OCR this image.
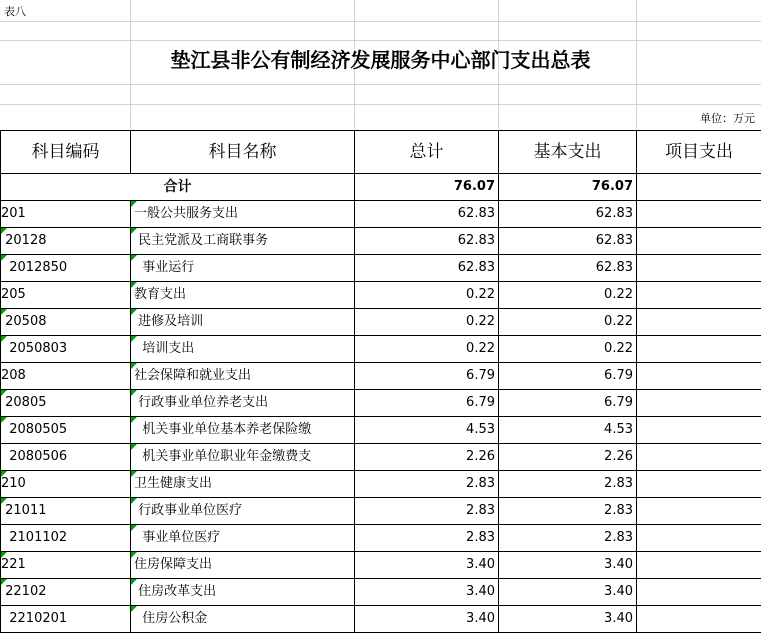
表八
垫江县非公有制经济发展服务中心部门支出总表
单位：万元
科目编码	科目名称	总计	基本支出	项目支出
合计		76.07	76.07	
201	一般公共服务支出	62.83	62.83	

20128	民主党派及工商联事务	62.83	62.83	

2012850	事业运行	62.83	62.83	
205	教育支出	0.22	0.22	

20508	进修及培训	0.22	0.22	

2050803	培训支出	0.22	0.22	
208	社会保障和就业支出	6.79	6.79	

20805	行政事业单位养老支出	6.79	6.79	

2080505	机关事业单位基本养老保险缴	4.53	4.53	
2080506	机关事业单位职业年金缴费支	2.26	2.26	

210	卫生健康支出	2.83	2.83	

21011	行政事业单位医疗	2.83	2.83	
2101102	事业单位医疗	2.83	2.83	

221	住房保障支出	3.40	3.40	

22102	住房改革支出	3.40	3.40	
2210201	住房公积金	3.40	3.40	
